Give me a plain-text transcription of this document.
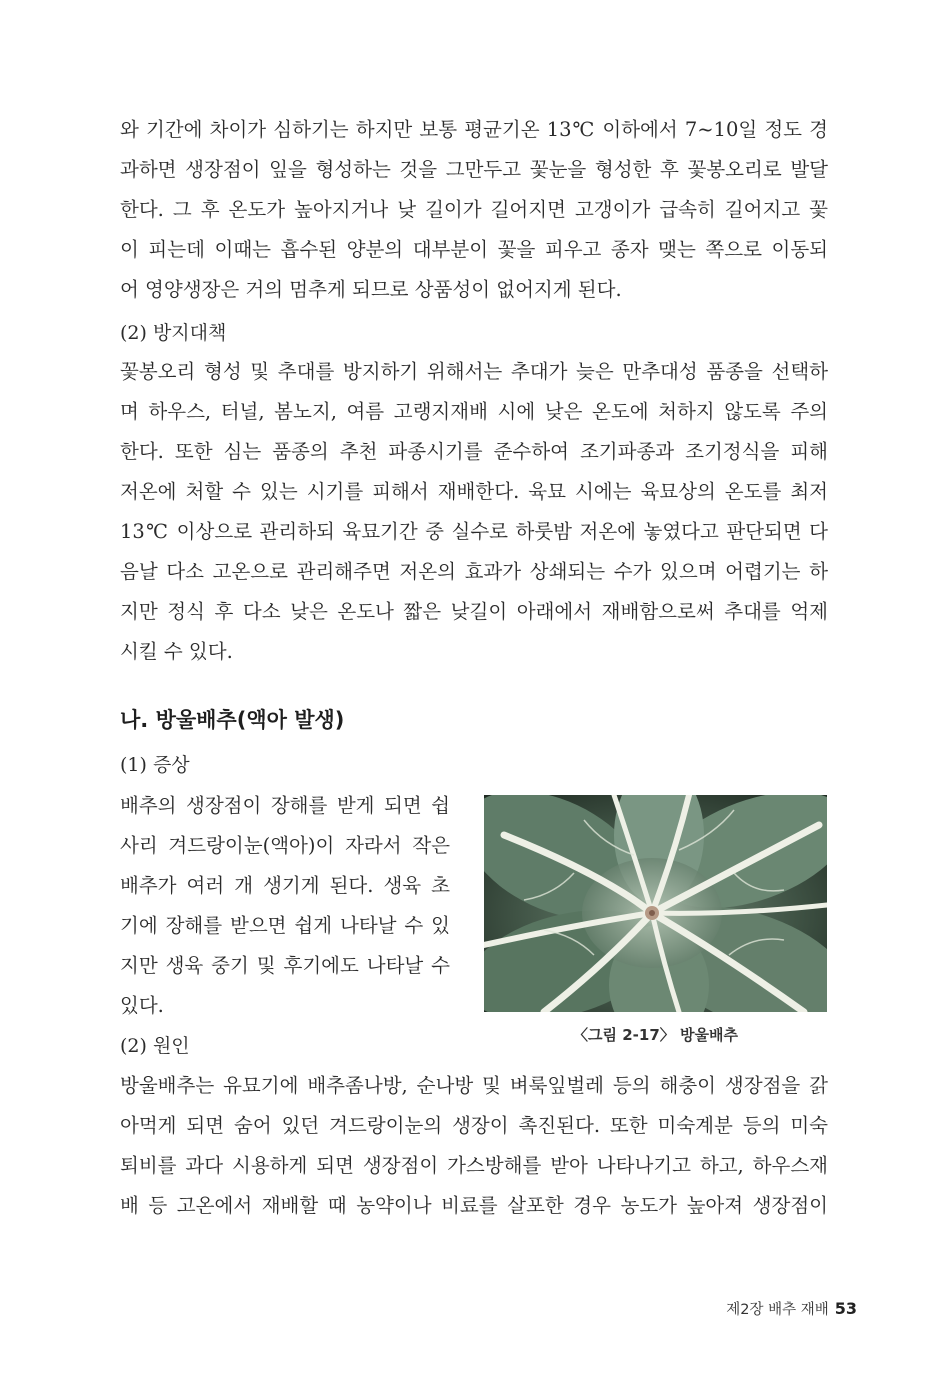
와 기간에 차이가 심하기는 하지만 보통 평균기온 13℃ 이하에서 7~10일 정도 경
과하면 생장점이 잎을 형성하는 것을 그만두고 꽃눈을 형성한 후 꽃봉오리로 발달
한다. 그 후 온도가 높아지거나 낮 길이가 길어지면 고갱이가 급속히 길어지고 꽃
이 피는데 이때는 흡수된 양분의 대부분이 꽃을 피우고 종자 맺는 쪽으로 이동되
어 영양생장은 거의 멈추게 되므로 상품성이 없어지게 된다.

(2) 방지대책

꽃봉오리 형성 및 추대를 방지하기 위해서는 추대가 늦은 만추대성 품종을 선택하
며 하우스, 터널, 봄노지, 여름 고랭지재배 시에 낮은 온도에 처하지 않도록 주의
한다. 또한 심는 품종의 추천 파종시기를 준수하여 조기파종과 조기정식을 피해
저온에 처할 수 있는 시기를 피해서 재배한다. 육묘 시에는 육묘상의 온도를 최저
13℃ 이상으로 관리하되 육묘기간 중 실수로 하룻밤 저온에 놓였다고 판단되면 다
음날 다소 고온으로 관리해주면 저온의 효과가 상쇄되는 수가 있으며 어렵기는 하
지만 정식 후 다소 낮은 온도나 짧은 낮길이 아래에서 재배함으로써 추대를 억제
시킬 수 있다.
나. 방울배추(액아 발생)

(1) 증상

배추의 생장점이 장해를 받게 되면 쉽
사리 겨드랑이눈(액아)이 자라서 작은
배추가 여러 개 생기게 된다. 생육 초
기에 장해를 받으면 쉽게 나타날 수 있
지만 생육 중기 및 후기에도 나타날 수
있다.
〈그림 2-17〉 방울배추

(2) 원인

방울배추는 유묘기에 배추좀나방, 순나방 및 벼룩잎벌레 등의 해충이 생장점을 갉
아먹게 되면 숨어 있던 겨드랑이눈의 생장이 촉진된다. 또한 미숙계분 등의 미숙
퇴비를 과다 시용하게 되면 생장점이 가스방해를 받아 나타나기고 하고, 하우스재
배 등 고온에서 재배할 때 농약이나 비료를 살포한 경우 농도가 높아져 생장점이
제2장 배추 재배 53
